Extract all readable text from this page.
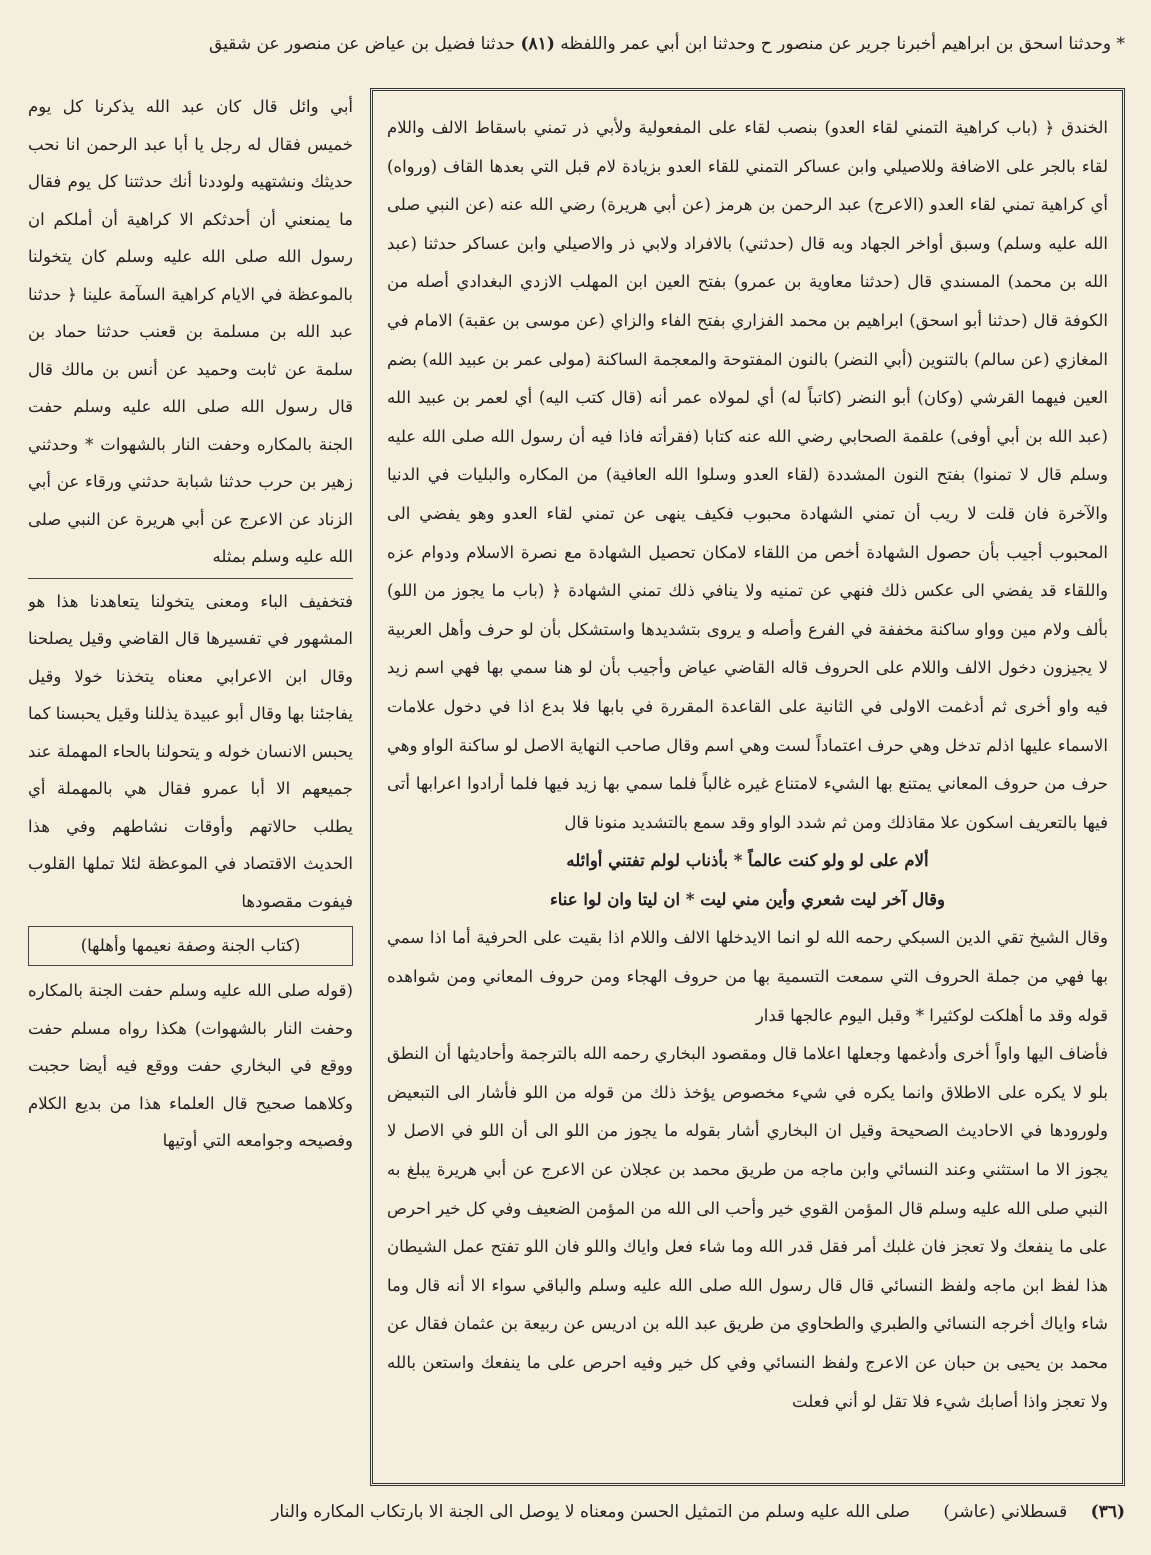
* وحدثنا اسحق بن ابراهيم أخبرنا جرير عن منصور ح وحدثنا ابن أبي عمر واللفظه (٨١) حدثنا فضيل بن عياض عن منصور عن شقيق

الخندق ﴿ (باب كراهية التمني لقاء العدو) بنصب لقاء على المفعولية ولأبي ذر تمني باسقاط الالف واللام لقاء بالجر على الاضافة وللاصيلي وابن عساكر التمني للقاء العدو بزيادة لام قبل التي بعدها القاف (ورواه) أي كراهية تمني لقاء العدو (الاعرج) عبد الرحمن بن هرمز (عن أبي هريرة) رضي الله عنه (عن النبي صلى الله عليه وسلم) وسبق أواخر الجهاد وبه قال (حدثني) بالافراد ولابي ذر والاصيلي وابن عساكر حدثنا (عبد الله بن محمد) المسندي قال (حدثنا معاوية بن عمرو) بفتح العين ابن المهلب الازدي البغدادي أصله من الكوفة قال (حدثنا أبو اسحق) ابراهيم بن محمد الفزاري بفتح الفاء والزاي (عن موسى بن عقبة) الامام في المغازي (عن سالم) بالتنوين (أبي النضر) بالنون المفتوحة والمعجمة الساكنة (مولى عمر بن عبيد الله) بضم العين فيهما القرشي (وكان) أبو النضر (كاتباً له) أي لمولاه عمر أنه (قال كتب اليه) أي لعمر بن عبيد الله (عبد الله بن أبي أوفى) علقمة الصحابي رضي الله عنه كتابا (فقرأته فاذا فيه أن رسول الله صلى الله عليه وسلم قال لا تمنوا) بفتح النون المشددة (لقاء العدو وسلوا الله العافية) من المكاره والبليات في الدنيا والآخرة فان قلت لا ريب أن تمني الشهادة محبوب فكيف ينهى عن تمني لقاء العدو وهو يفضي الى المحبوب أجيب بأن حصول الشهادة أخص من اللقاء لامكان تحصيل الشهادة مع نصرة الاسلام ودوام عزه واللقاء قد يفضي الى عكس ذلك فنهي عن تمنيه ولا ينافي ذلك تمني الشهادة ﴿ (باب ما يجوز من اللو) بألف ولام مين وواو ساكنة مخففة في الفرع وأصله و يروى بتشديدها واستشكل بأن لو حرف وأهل العربية لا يجيزون دخول الالف واللام على الحروف قاله القاضي عياض وأجيب بأن لو هنا سمي بها فهي اسم زيد فيه واو أخرى ثم أدغمت الاولى في الثانية على القاعدة المقررة في بابها فلا بدع اذا في دخول علامات الاسماء عليها اذلم تدخل وهي حرف اعتماداً لست وهي اسم وقال صاحب النهاية الاصل لو ساكنة الواو وهي حرف من حروف المعاني يمتنع بها الشيء لامتناع غيره غالباً فلما سمي بها زيد فيها فلما أرادوا اعرابها أتى فيها بالتعريف اسكون علا مقاذلك ومن ثم شدد الواو وقد سمع بالتشديد منونا قال

ألام على لو ولو كنت عالماً * بأذناب لولم تفتني أوائله

وقال آخر ليت شعري وأين مني ليت * ان ليتا وان لوا عناء

وقال الشيخ تقي الدين السبكي رحمه الله لو انما الايدخلها الالف واللام اذا بقيت على الحرفية أما اذا سمي بها فهي من جملة الحروف التي سمعت التسمية بها من حروف الهجاء ومن حروف المعاني ومن شواهده قوله وقد ما أهلكت لوكثيرا * وقبل اليوم عالجها قدار

فأضاف اليها واواً أخرى وأدغمها وجعلها اعلاما قال ومقصود البخاري رحمه الله بالترجمة وأحاديثها أن النطق بلو لا يكره على الاطلاق وانما يكره في شيء مخصوص يؤخذ ذلك من قوله من اللو فأشار الى التبعيض ولورودها في الاحاديث الصحيحة وقيل ان البخاري أشار بقوله ما يجوز من اللو الى أن اللو في الاصل لا يجوز الا ما استثني وعند النسائي وابن ماجه من طريق محمد بن عجلان عن الاعرج عن أبي هريرة يبلغ به النبي صلى الله عليه وسلم قال المؤمن القوي خير وأحب الى الله من المؤمن الضعيف وفي كل خير احرص على ما ينفعك ولا تعجز فان غلبك أمر فقل قدر الله وما شاء فعل واياك واللو فان اللو تفتح عمل الشيطان هذا لفظ ابن ماجه ولفظ النسائي قال قال رسول الله صلى الله عليه وسلم والباقي سواء الا أنه قال وما شاء واياك أخرجه النسائي والطبري والطحاوي من طريق عبد الله بن ادريس عن ربيعة بن عثمان فقال عن محمد بن يحيى بن حبان عن الاعرج ولفظ النسائي وفي كل خير وفيه احرص على ما ينفعك واستعن بالله ولا تعجز واذا أصابك شيء فلا تقل لو أني فعلت

أبي وائل قال كان عبد الله يذكرنا كل يوم خميس فقال له رجل يا أبا عبد الرحمن انا نحب حديثك ونشتهيه ولوددنا أنك حدثتنا كل يوم فقال ما يمنعني أن أحدثكم الا كراهية أن أملكم ان رسول الله صلى الله عليه وسلم كان يتخولنا بالموعظة في الايام كراهية السآمة علينا ﴿ حدثنا عبد الله بن مسلمة بن قعنب حدثنا حماد بن سلمة عن ثابت وحميد عن أنس بن مالك قال قال رسول الله صلى الله عليه وسلم حفت الجنة بالمكاره وحفت النار بالشهوات * وحدثني زهير بن حرب حدثنا شبابة حدثني ورقاء عن أبي الزناد عن الاعرج عن أبي هريرة عن النبي صلى الله عليه وسلم بمثله
فتخفيف الباء ومعنى يتخولنا يتعاهدنا هذا هو المشهور في تفسيرها قال القاضي وقيل يصلحنا وقال ابن الاعرابي معناه يتخذنا خولا وقيل يفاجئنا بها وقال أبو عبيدة يذللنا وقيل يحبسنا كما يحبس الانسان خوله و يتحولنا بالحاء المهملة عند جميعهم الا أبا عمرو فقال هي بالمهملة أي يطلب حالاتهم وأوقات نشاطهم وفي هذا الحديث الاقتصاد في الموعظة لئلا تملها القلوب فيفوت مقصودها
(كتاب الجنة وصفة نعيمها وأهلها)
(قوله صلى الله عليه وسلم حفت الجنة بالمكاره وحفت النار بالشهوات) هكذا رواه مسلم حفت ووقع في البخاري حفت ووقع فيه أيضا حجبت وكلاهما صحيح قال العلماء هذا من بديع الكلام وفصيحه وجوامعه التي أوتيها
(٣٦) قسطلاني (عاشر) صلى الله عليه وسلم من التمثيل الحسن ومعناه لا يوصل الى الجنة الا بارتكاب المكاره والنار
